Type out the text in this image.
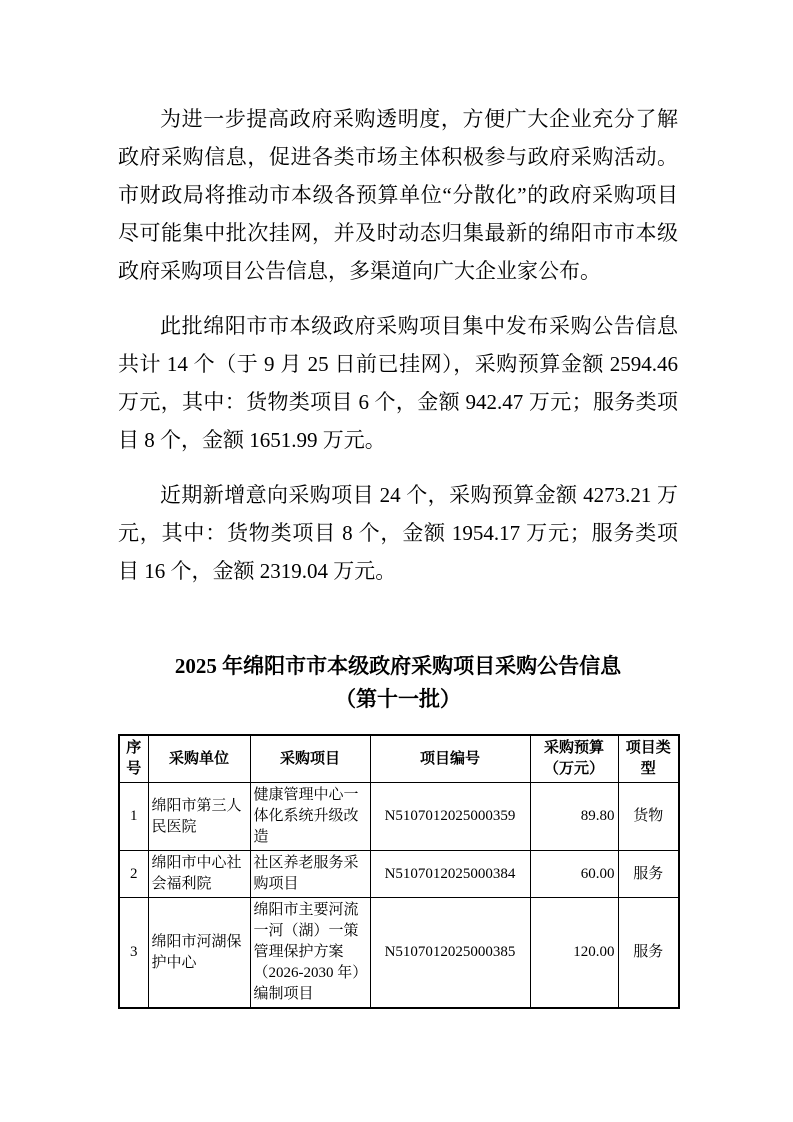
为进一步提高政府采购透明度，方便广大企业充分了解政府采购信息，促进各类市场主体积极参与政府采购活动。市财政局将推动市本级各预算单位“分散化”的政府采购项目尽可能集中批次挂网，并及时动态归集最新的绵阳市市本级政府采购项目公告信息，多渠道向广大企业家公布。

此批绵阳市市本级政府采购项目集中发布采购公告信息共计 14 个（于 9 月 25 日前已挂网），采购预算金额 2594.46 万元，其中：货物类项目 6 个，金额 942.47 万元；服务类项目 8 个，金额 1651.99 万元。

近期新增意向采购项目 24 个，采购预算金额 4273.21 万元，其中：货物类项目 8 个，金额 1954.17 万元；服务类项目 16 个，金额 2319.04 万元。

2025 年绵阳市市本级政府采购项目采购公告信息
（第十一批）
序号	采购单位	采购项目	项目编号	采购预算（万元）	项目类型
1	绵阳市第三人民医院	健康管理中心一体化系统升级改造	N5107012025000359	89.80	货物
2	绵阳市中心社会福利院	社区养老服务采购项目	N5107012025000384	60.00	服务
3	绵阳市河湖保护中心	绵阳市主要河流一河（湖）一策管理保护方案（2026-2030 年）编制项目	N5107012025000385	120.00	服务
